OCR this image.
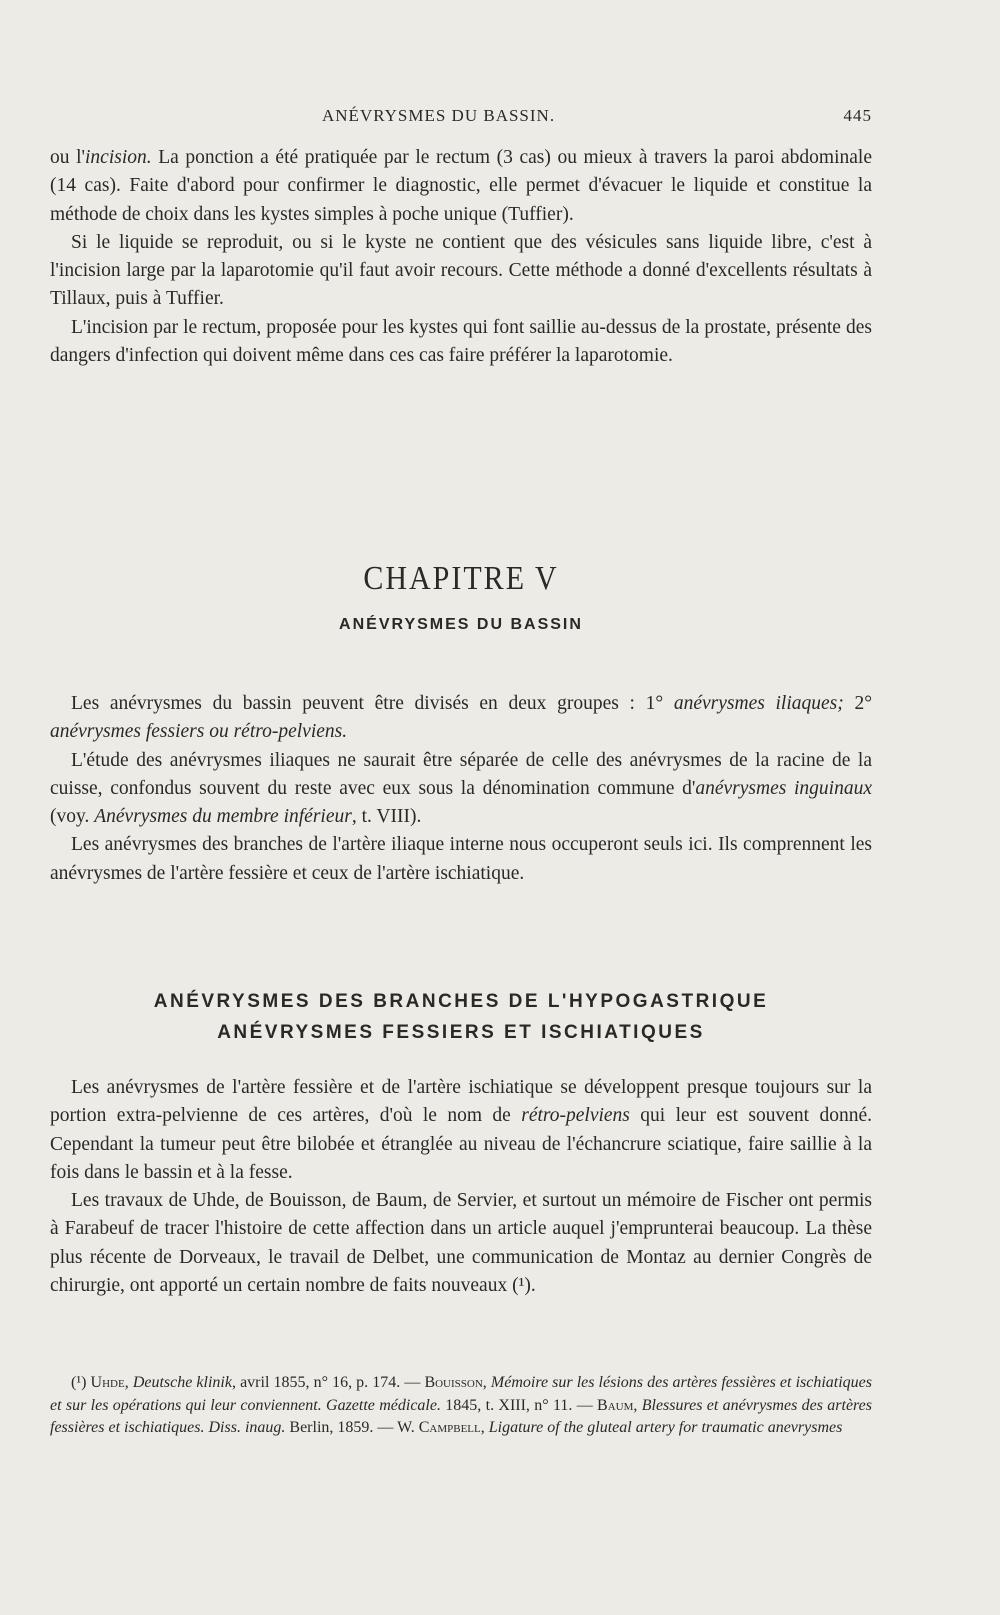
ANÉVRYSMES DU BASSIN.	445

ou l'incision. La ponction a été pratiquée par le rectum (3 cas) ou mieux à travers la paroi abdominale (14 cas). Faite d'abord pour confirmer le diagnostic, elle permet d'évacuer le liquide et constitue la méthode de choix dans les kystes simples à poche unique (Tuffier).

Si le liquide se reproduit, ou si le kyste ne contient que des vésicules sans liquide libre, c'est à l'incision large par la laparotomie qu'il faut avoir recours. Cette méthode a donné d'excellents résultats à Tillaux, puis à Tuffier.

L'incision par le rectum, proposée pour les kystes qui font saillie au-dessus de la prostate, présente des dangers d'infection qui doivent même dans ces cas faire préférer la laparotomie.

CHAPITRE V
ANÉVRYSMES DU BASSIN

Les anévrysmes du bassin peuvent être divisés en deux groupes : 1° anévrysmes iliaques; 2° anévrysmes fessiers ou rétro-pelviens.

L'étude des anévrysmes iliaques ne saurait être séparée de celle des anévrysmes de la racine de la cuisse, confondus souvent du reste avec eux sous la dénomination commune d'anévrysmes inguinaux (voy. Anévrysmes du membre inférieur, t. VIII).

Les anévrysmes des branches de l'artère iliaque interne nous occuperont seuls ici. Ils comprennent les anévrysmes de l'artère fessière et ceux de l'artère ischiatique.

ANÉVRYSMES DES BRANCHES DE L'HYPOGASTRIQUE
ANÉVRYSMES FESSIERS ET ISCHIATIQUES

Les anévrysmes de l'artère fessière et de l'artère ischiatique se développent presque toujours sur la portion extra-pelvienne de ces artères, d'où le nom de rétro-pelviens qui leur est souvent donné. Cependant la tumeur peut être bilobée et étranglée au niveau de l'échancrure sciatique, faire saillie à la fois dans le bassin et à la fesse.

Les travaux de Uhde, de Bouisson, de Baum, de Servier, et surtout un mémoire de Fischer ont permis à Farabeuf de tracer l'histoire de cette affection dans un article auquel j'emprunterai beaucoup. La thèse plus récente de Dorveaux, le travail de Delbet, une communication de Montaz au dernier Congrès de chirurgie, ont apporté un certain nombre de faits nouveaux (¹).

(¹) Uhde, Deutsche klinik, avril 1855, n° 16, p. 174. — Bouisson, Mémoire sur les lésions des artères fessières et ischiatiques et sur les opérations qui leur conviennent. Gazette médicale. 1845, t. XIII, n° 11. — Baum, Blessures et anévrysmes des artères fessières et ischiatiques. Diss. inaug. Berlin, 1859. — W. Campbell, Ligature of the gluteal artery for traumatic anevrysmes
